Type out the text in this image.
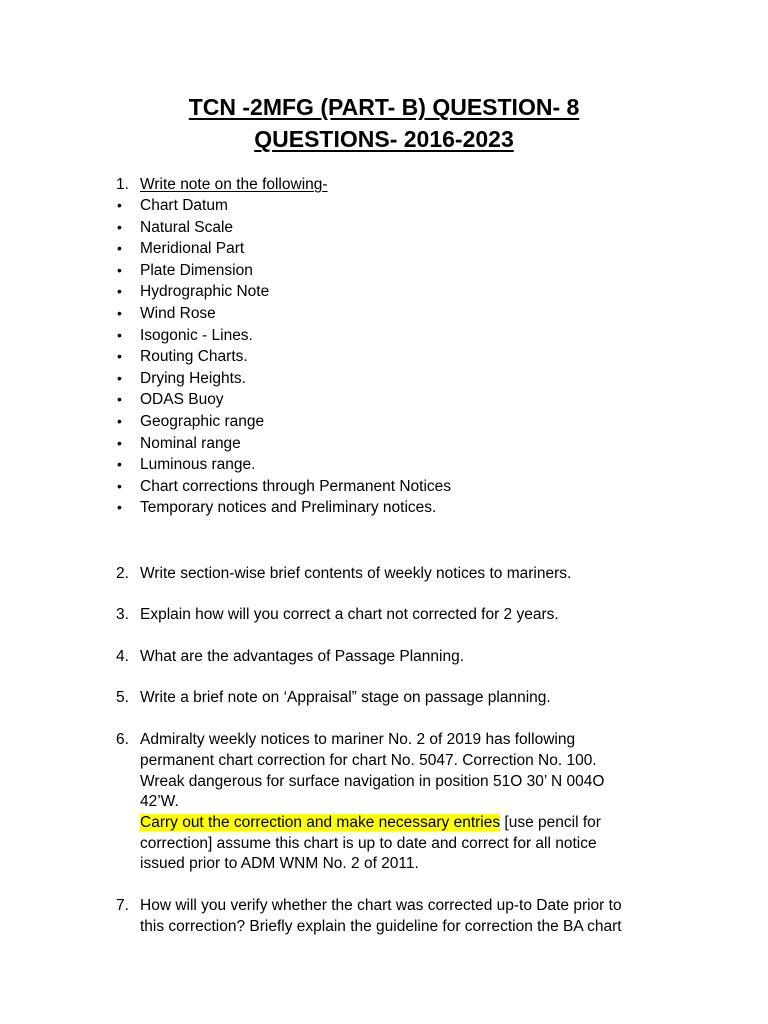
TCN -2MFG (PART- B) QUESTION- 8
QUESTIONS- 2016-2023
1. Write note on the following-
• Chart Datum
• Natural Scale
• Meridional Part
• Plate Dimension
• Hydrographic Note
• Wind Rose
• Isogonic - Lines.
• Routing Charts.
• Drying Heights.
• ODAS Buoy
• Geographic range
• Nominal range
• Luminous range.
• Chart corrections through Permanent Notices
• Temporary notices and Preliminary notices.
2. Write section-wise brief contents of weekly notices to mariners.
3. Explain how will you correct a chart not corrected for 2 years.
4. What are the advantages of Passage Planning.
5. Write a brief note on ‘Appraisal” stage on passage planning.
6. Admiralty weekly notices to mariner No. 2 of 2019 has following
permanent chart correction for chart No. 5047. Correction No. 100.
Wreak dangerous for surface navigation in position 51O 30’ N 004O
42’W.
Carry out the correction and make necessary entries [use pencil for
correction] assume this chart is up to date and correct for all notice
issued prior to ADM WNM No. 2 of 2011.
7. How will you verify whether the chart was corrected up-to Date prior to
this correction? Briefly explain the guideline for correction the BA chart
